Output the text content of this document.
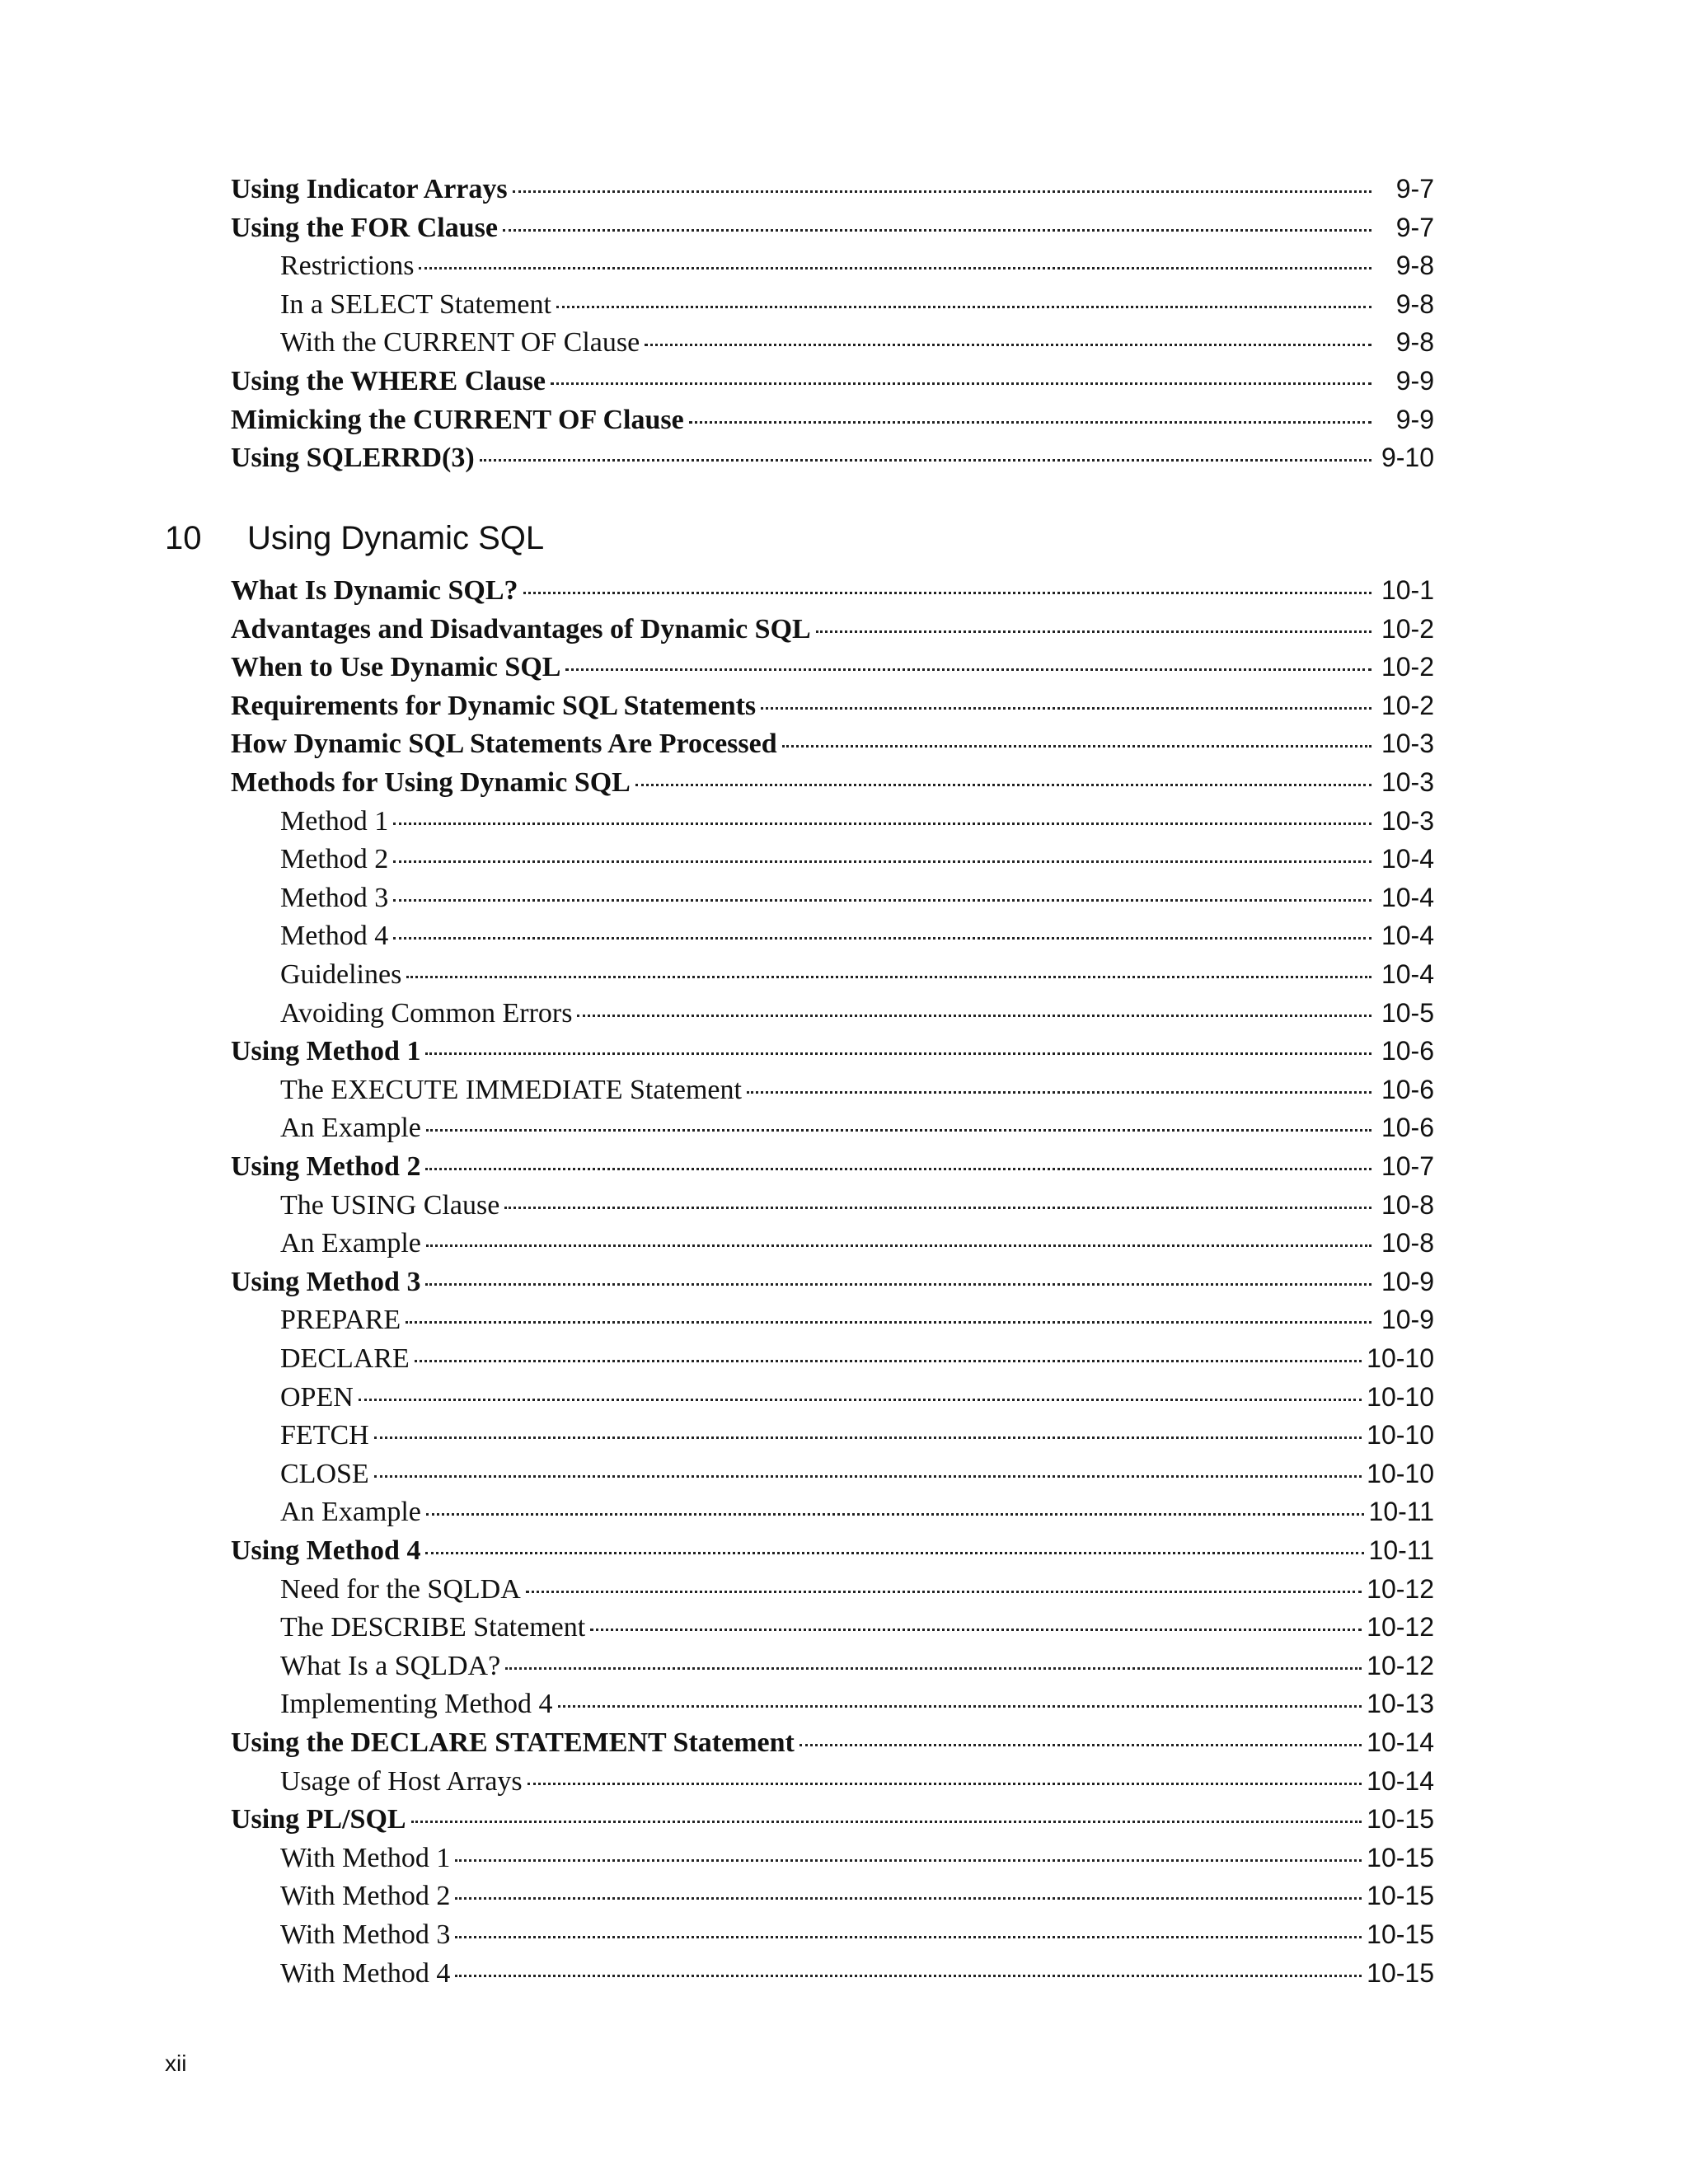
Using Indicator Arrays	9-7
Using the FOR Clause	9-7
Restrictions	9-8
In a SELECT Statement	9-8
With the CURRENT OF Clause	9-8
Using the WHERE Clause	9-9
Mimicking the CURRENT OF Clause	9-9
Using SQLERRD(3)	9-10
10 Using Dynamic SQL
What Is Dynamic SQL?	10-1
Advantages and Disadvantages of Dynamic SQL	10-2
When to Use Dynamic SQL	10-2
Requirements for Dynamic SQL Statements	10-2
How Dynamic SQL Statements Are Processed	10-3
Methods for Using Dynamic SQL	10-3
Method 1	10-3
Method 2	10-4
Method 3	10-4
Method 4	10-4
Guidelines	10-4
Avoiding Common Errors	10-5
Using Method 1	10-6
The EXECUTE IMMEDIATE Statement	10-6
An Example	10-6
Using Method 2	10-7
The USING Clause	10-8
An Example	10-8
Using Method 3	10-9
PREPARE	10-9
DECLARE	10-10
OPEN	10-10
FETCH	10-10
CLOSE	10-10
An Example	10-11
Using Method 4	10-11
Need for the SQLDA	10-12
The DESCRIBE Statement	10-12
What Is a SQLDA?	10-12
Implementing Method 4	10-13
Using the DECLARE STATEMENT Statement	10-14
Usage of Host Arrays	10-14
Using PL/SQL	10-15
With Method 1	10-15
With Method 2	10-15
With Method 3	10-15
With Method 4	10-15
xii
